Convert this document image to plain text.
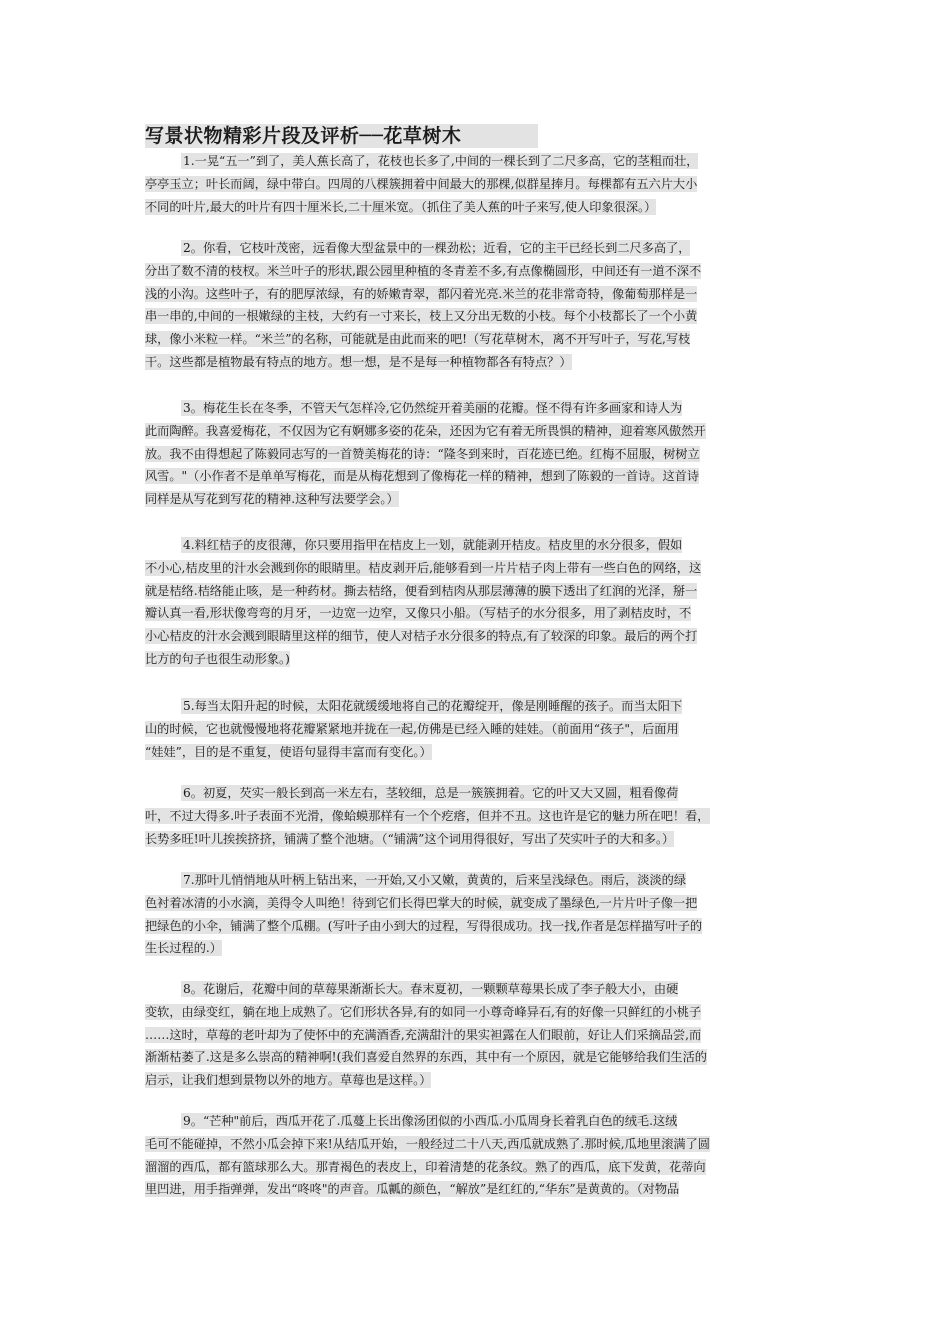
写景状物精彩片段及评析──花草树木
1.一晃“五一”到了，美人蕉长高了，花枝也长多了,中间的一棵长到了二尺多高，它的茎粗而壮，
亭亭玉立；叶长而阔，绿中带白。四周的八棵簇拥着中间最大的那棵,似群星捧月。每棵都有五六片大小
不同的叶片,最大的叶片有四十厘米长,二十厘米宽。（抓住了美人蕉的叶子来写,使人印象很深。）
2。你看，它枝叶茂密，远看像大型盆景中的一棵劲松；近看，它的主干已经长到二尺多高了，
分出了数不清的枝杈。米兰叶子的形状,跟公园里种植的冬青差不多,有点像椭圆形，中间还有一道不深不
浅的小沟。这些叶子，有的肥厚浓绿，有的娇嫩青翠，都闪着光亮.米兰的花非常奇特，像葡萄那样是一
串一串的,中间的一根嫩绿的主枝，大约有一寸来长，枝上又分出无数的小枝。每个小枝都长了一个小黄
球，像小米粒一样。“米兰”的名称，可能就是由此而来的吧!（写花草树木，离不开写叶子，写花,写枝
干。这些都是植物最有特点的地方。想一想，是不是每一种植物都各有特点？）
3。梅花生长在冬季，不管天气怎样冷,它仍然绽开着美丽的花瓣。怪不得有许多画家和诗人为
此而陶醉。我喜爱梅花，不仅因为它有婀娜多姿的花朵，还因为它有着无所畏惧的精神，迎着寒风傲然开
放。我不由得想起了陈毅同志写的一首赞美梅花的诗：“隆冬到来时，百花迹已绝。红梅不屈服，树树立
风雪。"（小作者不是单单写梅花，而是从梅花想到了像梅花一样的精神，想到了陈毅的一首诗。这首诗
同样是从写花到写花的精神.这种写法要学会。）
4.料红桔子的皮很薄，你只要用指甲在桔皮上一划，就能剥开桔皮。桔皮里的水分很多，假如
不小心,桔皮里的汁水会溅到你的眼睛里。桔皮剥开后,能够看到一片片桔子肉上带有一些白色的网络，这
就是桔络.桔络能止咳，是一种药材。撕去桔络，便看到桔肉从那层薄薄的膜下透出了红润的光泽，掰一
瓣认真一看,形状像弯弯的月牙，一边宽一边窄，又像只小船。（写桔子的水分很多，用了剥桔皮时，不
小心桔皮的汁水会溅到眼睛里这样的细节，使人对桔子水分很多的特点,有了较深的印象。最后的两个打
比方的句子也很生动形象。)
5.每当太阳升起的时候，太阳花就缓缓地将自己的花瓣绽开，像是刚睡醒的孩子。而当太阳下
山的时候，它也就慢慢地将花瓣紧紧地并拢在一起,仿佛是已经入睡的娃娃。（前面用“孩子"，后面用
“娃娃”，目的是不重复，使语句显得丰富而有变化。）
6。初夏，芡实一般长到高一米左右，茎较细，总是一簇簇拥着。它的叶又大又圆，粗看像荷
叶，不过大得多.叶子表面不光滑，像蛤蟆那样有一个个疙瘩，但并不丑。这也许是它的魅力所在吧！看，
长势多旺!叶儿挨挨挤挤，铺满了整个池塘。（“铺满”这个词用得很好，写出了芡实叶子的大和多。）
7.那叶儿悄悄地从叶柄上钻出来，一开始,又小又嫩，黄黄的，后来呈浅绿色。雨后，淡淡的绿
色衬着冰清的小水滴，美得令人叫绝！待到它们长得巴掌大的时候，就变成了墨绿色,一片片叶子像一把
把绿色的小伞，铺满了整个瓜棚。(写叶子由小到大的过程，写得很成功。找一找,作者是怎样描写叶子的
生长过程的.）
8。花谢后，花瓣中间的草莓果渐渐长大。春末夏初，一颗颗草莓果长成了李子般大小，由硬
变软，由绿变红，躺在地上成熟了。它们形状各异,有的如同一小尊奇峰异石,有的好像一只鲜红的小桃子
……这时，草莓的老叶却为了使怀中的充满酒香,充满甜汁的果实袒露在人们眼前，好让人们采摘品尝,而
渐渐枯萎了.这是多么崇高的精神啊!(我们喜爱自然界的东西，其中有一个原因，就是它能够给我们生活的
启示，让我们想到景物以外的地方。草莓也是这样。）
9。“芒种"前后，西瓜开花了.瓜蔓上长出像汤团似的小西瓜.小瓜周身长着乳白色的绒毛.这绒
毛可不能碰掉，不然小瓜会掉下来!从结瓜开始，一般经过二十八天,西瓜就成熟了.那时候,瓜地里滚满了圆
溜溜的西瓜，都有篮球那么大。那青褐色的表皮上，印着清楚的花条纹。熟了的西瓜，底下发黄，花蒂向
里凹进，用手指弹弹，发出“咚咚"的声音。瓜瓤的颜色，“解放”是红红的,“华东”是黄黄的。（对物品
